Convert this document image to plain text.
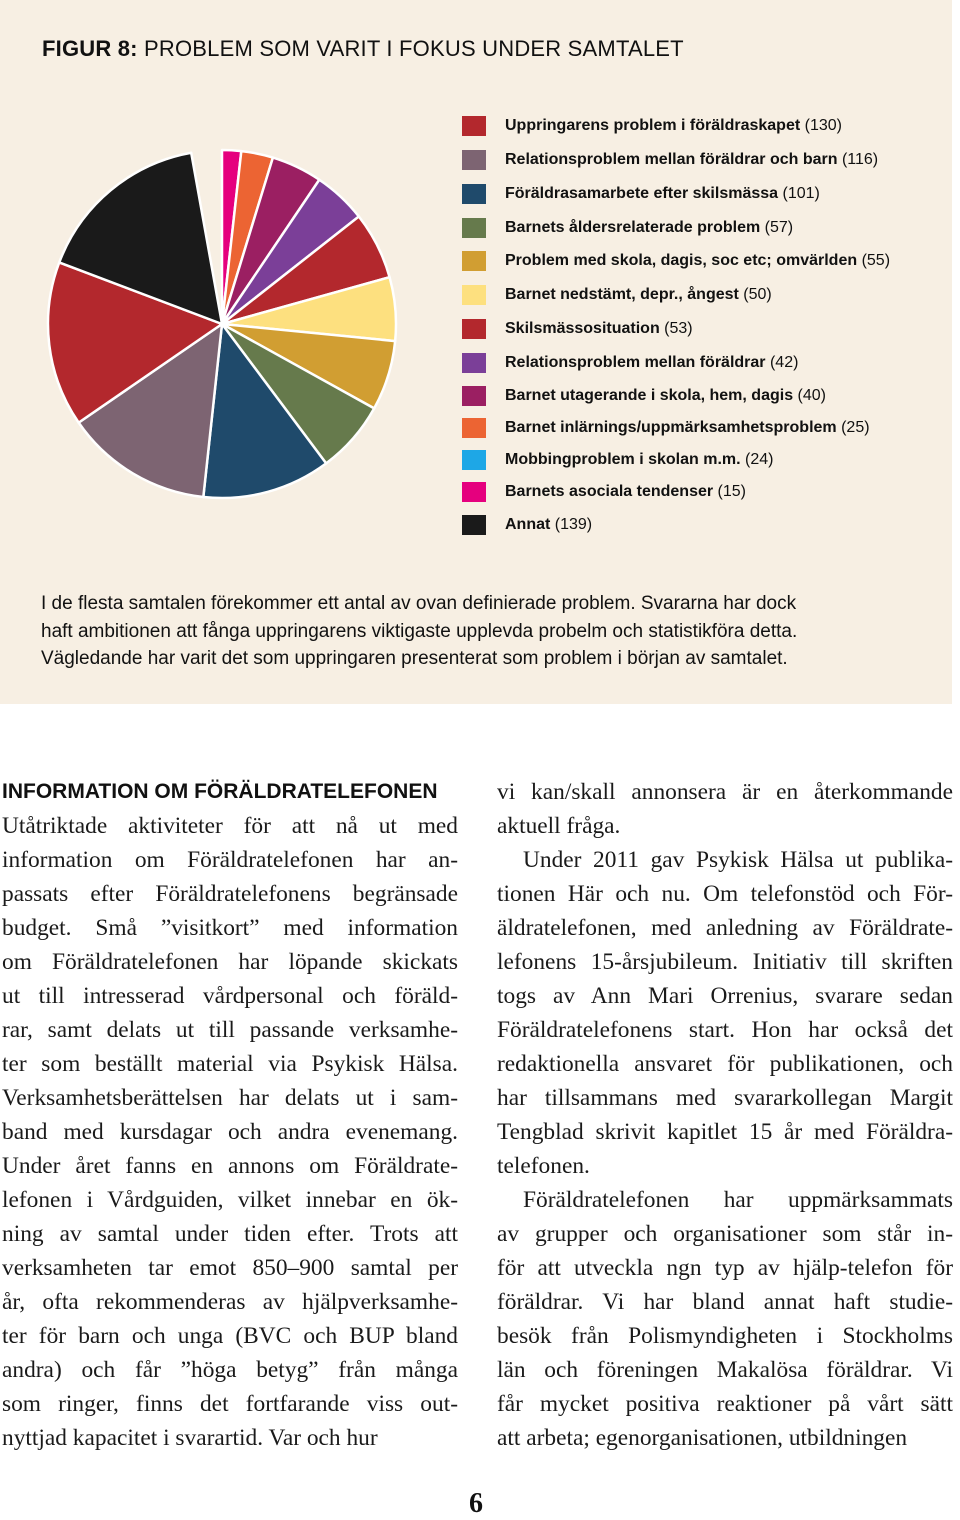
FIGUR 8: PROBLEM SOM VARIT I FOKUS UNDER SAMTALET
Uppringarens problem i föräldraskapet (130)
Relationsproblem mellan föräldrar och barn (116)
Föräldrasamarbete efter skilsmässa (101)
Barnets åldersrelaterade problem (57)
Problem med skola, dagis, soc etc; omvärlden (55)
Barnet nedstämt, depr., ångest (50)
Skilsmässosituation (53)
Relationsproblem mellan föräldrar (42)
Barnet utagerande i skola, hem, dagis (40)
Barnet inlärnings/uppmärksamhetsproblem (25)
Mobbingproblem i skolan m.m. (24)
Barnets asociala tendenser (15)
Annat (139)
I de flesta samtalen förekommer ett antal av ovan definierade problem. Svararna har dock
haft ambitionen att fånga uppringarens viktigaste upplevda probelm och statistikföra detta.
Vägledande har varit det som uppringaren presenterat som problem i början av samtalet.
INFORMATION OM FÖRÄLDRATELEFONEN
Utåtriktade aktiviteter för att nå ut med
information om Föräldratelefonen har an-
passats efter Föräldratelefonens begränsade
budget. Små ”visitkort” med information
om Föräldratelefonen har löpande skickats
ut till intresserad vårdpersonal och föräld-
rar, samt delats ut till passande verksamhe-
ter som beställt material via Psykisk Hälsa.
Verksamhetsberättelsen har delats ut i sam-
band med kursdagar och andra evenemang.
Under året fanns en annons om Föräldrate-
lefonen i Vårdguiden, vilket innebar en ök-
ning av samtal under tiden efter. Trots att
verksamheten tar emot 850–900 samtal per
år, ofta rekommenderas av hjälpverksamhe-
ter för barn och unga (BVC och BUP bland
andra) och får ”höga betyg” från många
som ringer, finns det fortfarande viss out-
nyttjad kapacitet i svarartid. Var och hur
vi kan/skall annonsera är en återkommande
aktuell fråga.
Under 2011 gav Psykisk Hälsa ut publika-
tionen Här och nu. Om telefonstöd och För-
äldratelefonen, med anledning av Föräldrate-
lefonens 15-årsjubileum. Initiativ till skriften
togs av Ann Mari Orrenius, svarare sedan
Föräldratelefonens start. Hon har också det
redaktionella ansvaret för publikationen, och
har tillsammans med svararkollegan Margit
Tengblad skrivit kapitlet 15 år med Föräldra-
telefonen.
Föräldratelefonen har uppmärksammats
av grupper och organisationer som står in-
för att utveckla ngn typ av hjälp-telefon för
föräldrar. Vi har bland annat haft studie-
besök från Polismyndigheten i Stockholms
län och föreningen Makalösa föräldrar. Vi
får mycket positiva reaktioner på vårt sätt
att arbeta; egenorganisationen, utbildningen
6
